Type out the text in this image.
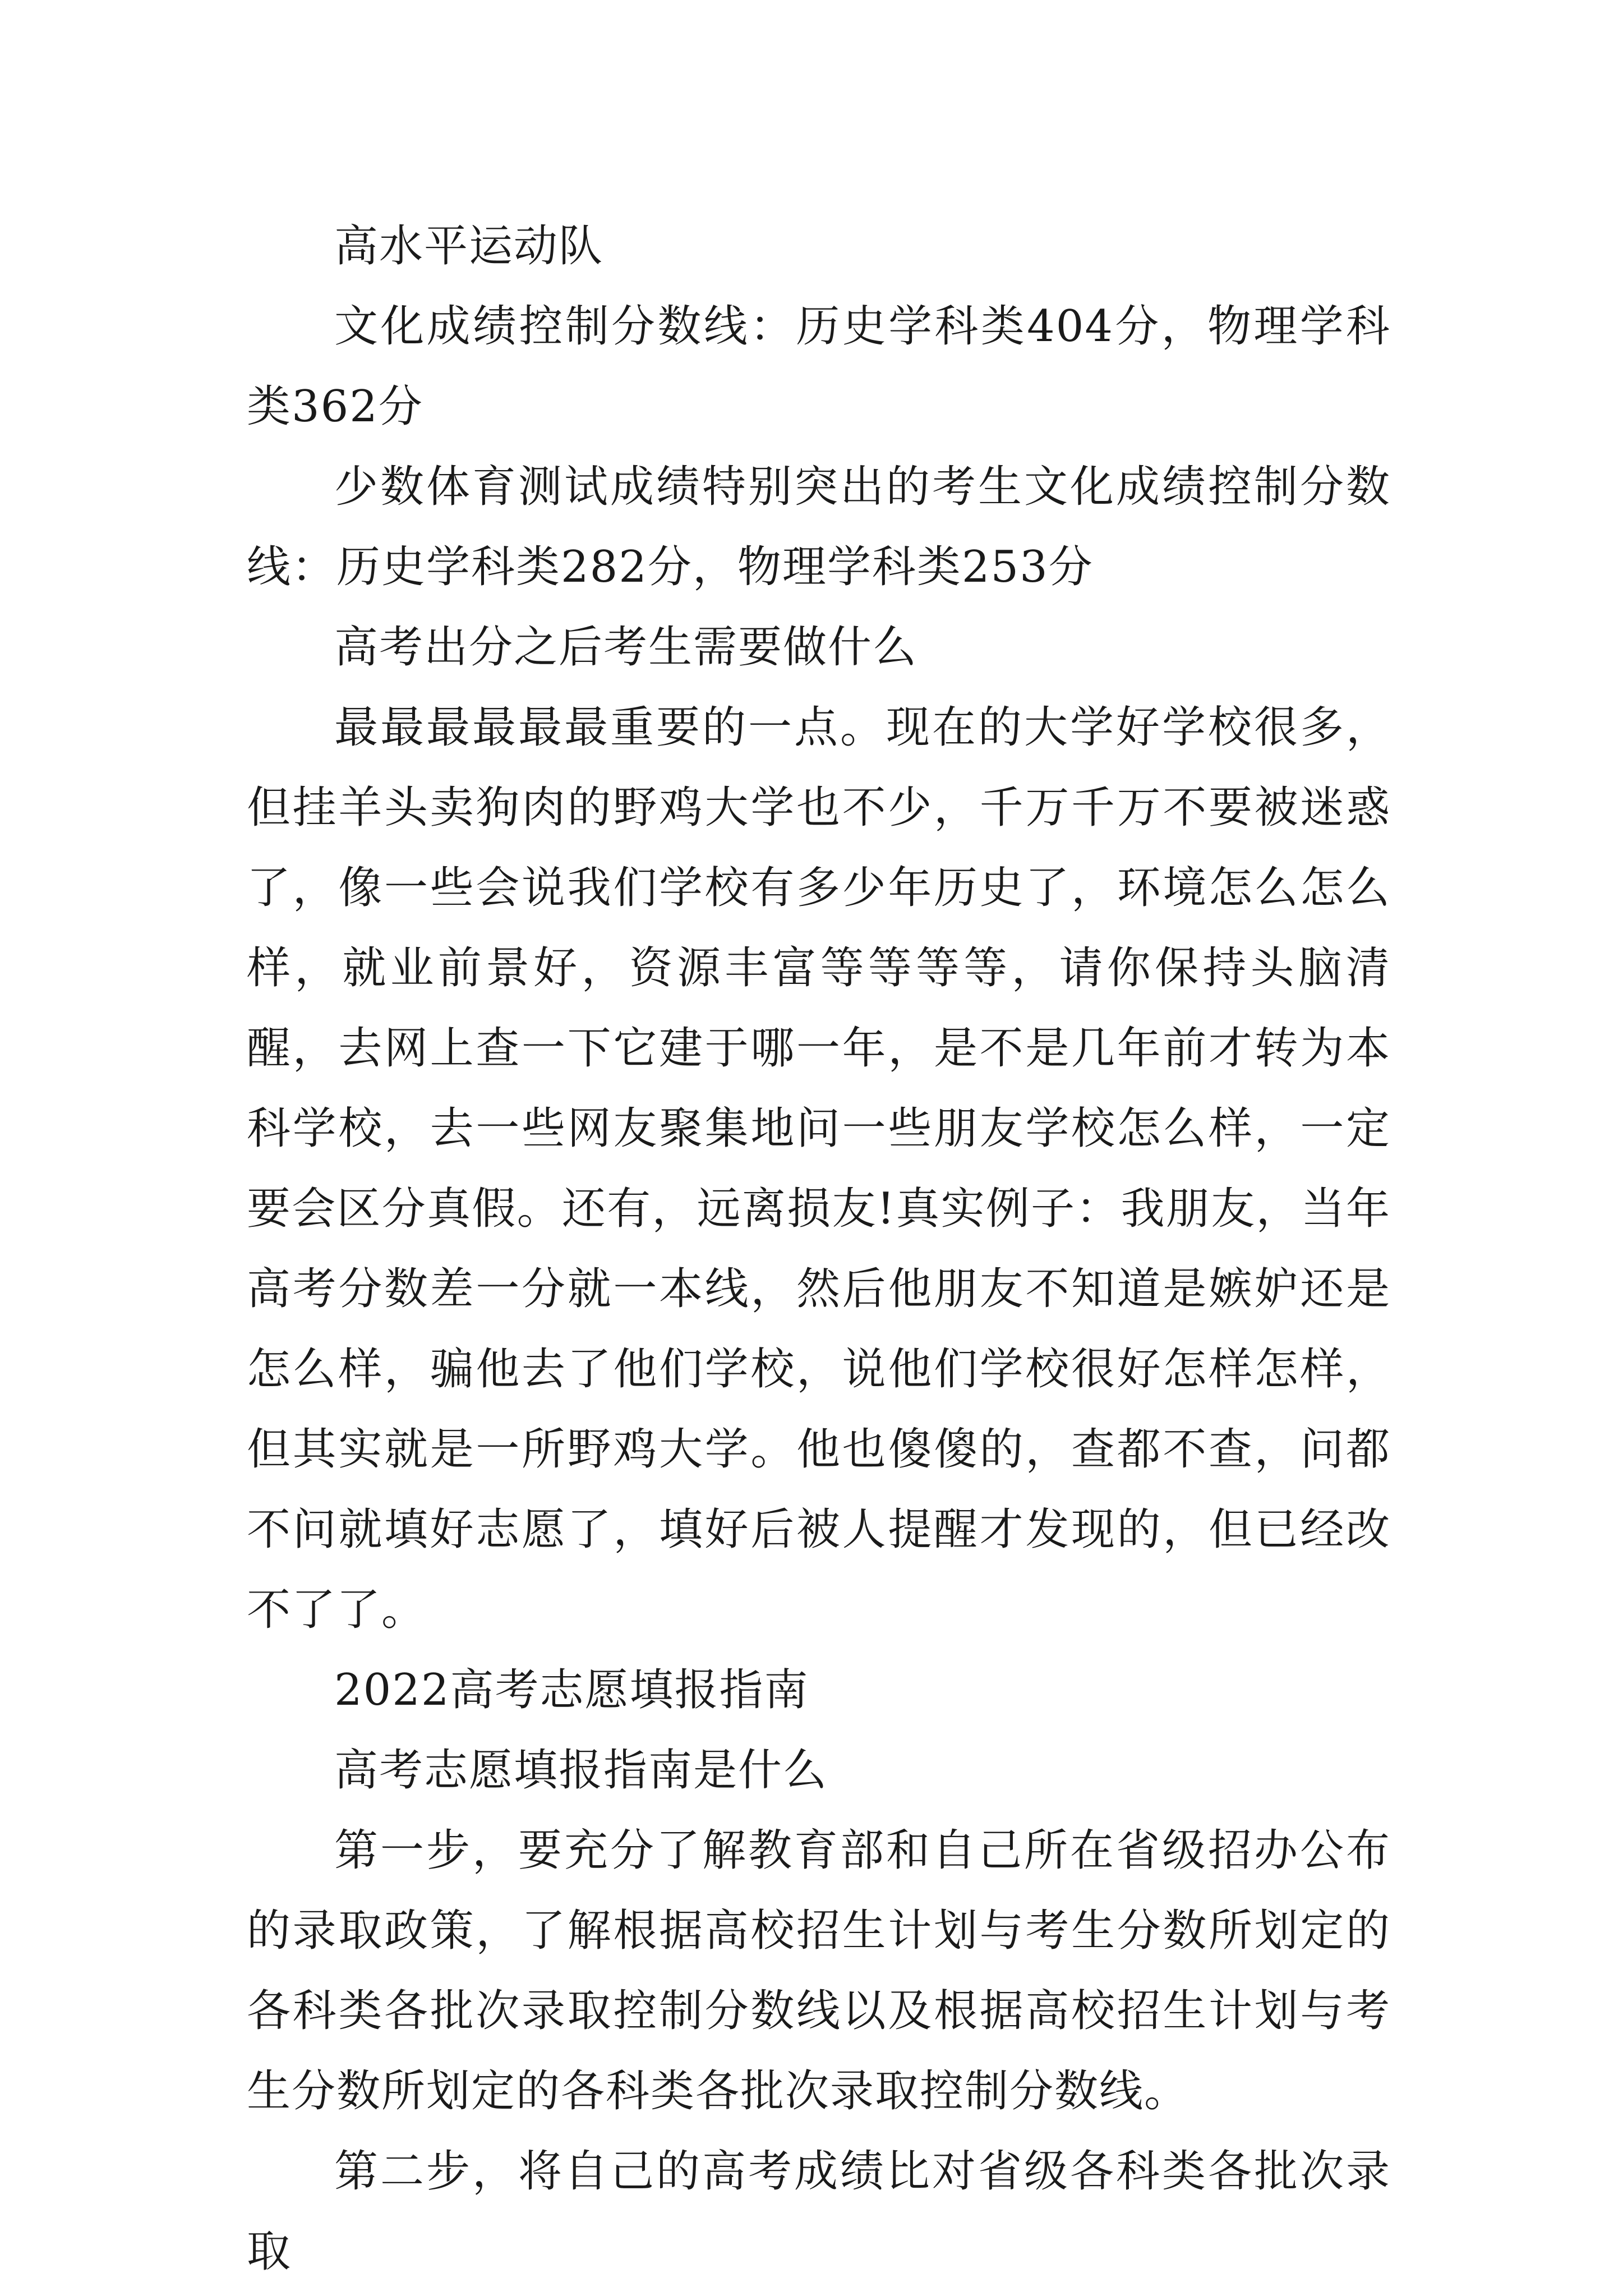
高水平运动队

文化成绩控制分数线：历史学科类404分，物理学科类362分

少数体育测试成绩特别突出的考生文化成绩控制分数线：历史学科类282分，物理学科类253分

高考出分之后考生需要做什么

最最最最最最重要的一点。现在的大学好学校很多，但挂羊头卖狗肉的野鸡大学也不少，千万千万不要被迷惑了，像一些会说我们学校有多少年历史了，环境怎么怎么样，就业前景好，资源丰富等等等等，请你保持头脑清醒，去网上查一下它建于哪一年，是不是几年前才转为本科学校，去一些网友聚集地问一些朋友学校怎么样，一定要会区分真假。还有，远离损友!真实例子：我朋友，当年高考分数差一分就一本线，然后他朋友不知道是嫉妒还是怎么样，骗他去了他们学校，说他们学校很好怎样怎样，但其实就是一所野鸡大学。他也傻傻的，查都不查，问都不问就填好志愿了，填好后被人提醒才发现的，但已经改不了了。

2022高考志愿填报指南

高考志愿填报指南是什么

第一步，要充分了解教育部和自己所在省级招办公布的录取政策，了解根据高校招生计划与考生分数所划定的各科类各批次录取控制分数线以及根据高校招生计划与考生分数所划定的各科类各批次录取控制分数线。

第二步，将自己的高考成绩比对省级各科类各批次录取
